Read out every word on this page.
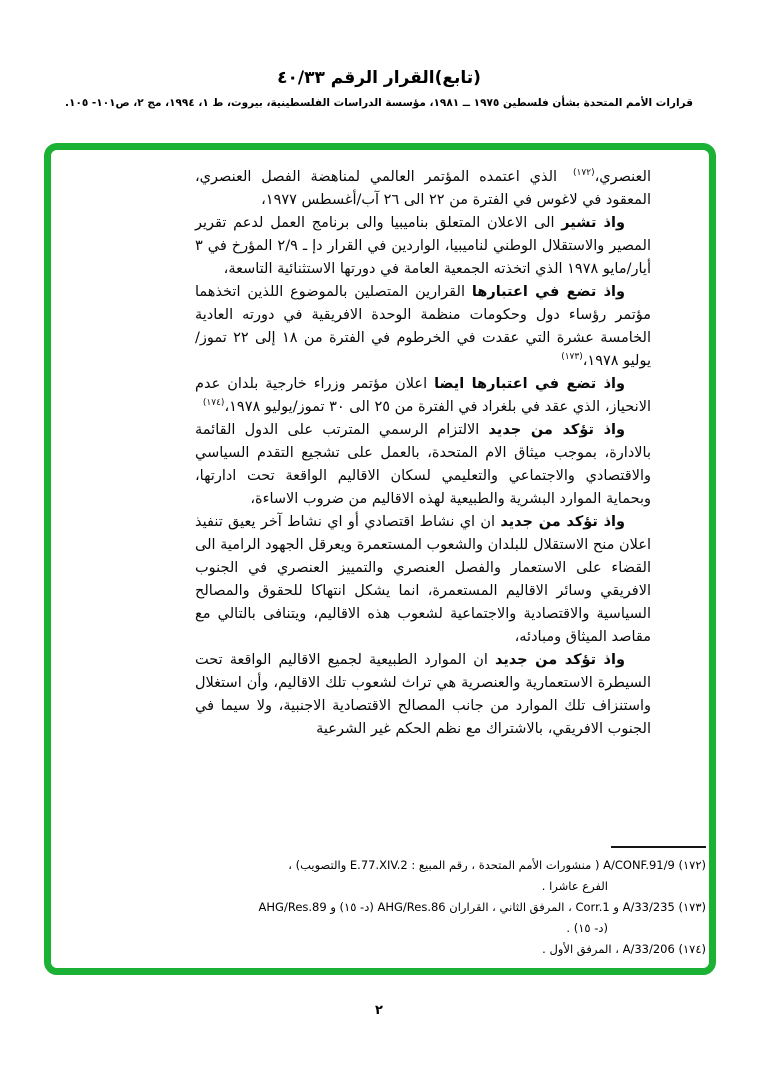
(تابع)القرار الرقم ٤٠/٣٣
قرارات الأمم المتحدة بشأن فلسطين ١٩٧٥ ــ ١٩٨١، مؤسسة الدراسات الفلسطينية، بيروت، ط ١، ١٩٩٤، مج ٢، ص١٠١- ١٠٥.
العنصري،$^{(١٧٢)}$الذي اعتمده المؤتمر العالمي لمناهضة الفصل العنصري، المعقود في لاغوس في الفترة من ٢٢ الى ٢٦ آب/أغسطس ١٩٧٧،
واذ تشير الى الاعلان المتعلق بناميبيا والى برنامج العمل لدعم تقرير المصير والاستقلال الوطني لناميبيا، الواردين في القرار دإ ـ ٢/٩ المؤرخ في ٣ أيار/مايو ١٩٧٨ الذي اتخذته الجمعية العامة في دورتها الاستثنائية التاسعة،
واذ تضع في اعتبارها القرارين المتصلين بالموضوع اللذين اتخذهما مؤتمر رؤساء دول وحكومات منظمة الوحدة الافريقية في دورته العادية الخامسة عشرة التي عقدت في الخرطوم في الفترة من ١٨ إلى ٢٢ تموز/يوليو ١٩٧٨،$^{(١٧٣)}$
واذ تضع في اعتبارها ايضا اعلان مؤتمر وزراء خارجية بلدان عدم الانحياز، الذي عقد في بلغراد في الفترة من ٢٥ الى ٣٠ تموز/يوليو ١٩٧٨،$^{(١٧٤)}$
واذ تؤكد من جديد الالتزام الرسمي المترتب على الدول القائمة بالادارة، بموجب ميثاق الام المتحدة، بالعمل على تشجيع التقدم السياسي والاقتصادي والاجتماعي والتعليمي لسكان الاقاليم الواقعة تحت ادارتها، وبحماية الموارد البشرية والطبيعية لهذه الاقاليم من ضروب الاساءة،
واذ تؤكد من جديد ان اي نشاط اقتصادي أو اي نشاط آخر يعيق تنفيذ اعلان منح الاستقلال للبلدان والشعوب المستعمرة ويعرقل الجهود الرامية الى القضاء على الاستعمار والفصل العنصري والتمييز العنصري في الجنوب الافريقي وسائر الاقاليم المستعمرة، انما يشكل انتهاكا للحقوق والمصالح السياسية والاقتصادية والاجتماعية لشعوب هذه الاقاليم، ويتنافى بالتالي مع مقاصد الميثاق ومبادئه،
واذ تؤكد من جديد ان الموارد الطبيعية لجميع الاقاليم الواقعة تحت السيطرة الاستعمارية والعنصرية هي تراث لشعوب تلك الاقاليم، وأن استغلال واستنزاف تلك الموارد من جانب المصالح الاقتصادية الاجنبية، ولا سيما في الجنوب الافريقي، بالاشتراك مع نظم الحكم غير الشرعية
(١٧٢) A/CONF.91/9 ( منشورات الأمم المتحدة ، رقم المبيع : E.77.XIV.2 والتصويب) ،
الفرع عاشرا .
(١٧٣) A/33/235 و Corr.1 ، المرفق الثاني ، القراران AHG/Res.86 (د- ١٥) و AHG/Res.89
(د- ١٥) .
(١٧٤) A/33/206 ، المرفق الأول .
٢
